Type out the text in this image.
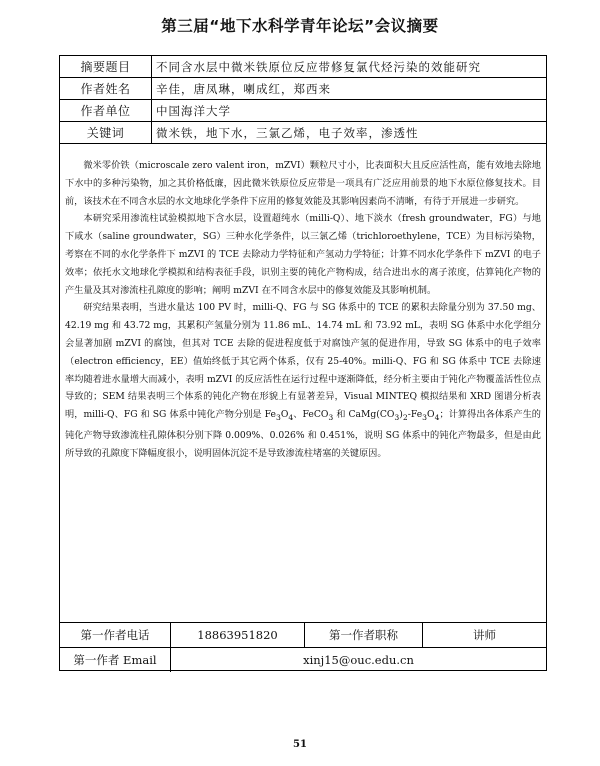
第三届“地下水科学青年论坛”会议摘要
摘要题目	不同含水层中微米铁原位反应带修复氯代烃污染的效能研究
作者姓名	辛佳，唐凤琳，喇成红，郑西来
作者单位	中国海洋大学
关键词	微米铁，地下水，三氯乙烯，电子效率，渗透性

微米零价铁（microscale zero valent iron，mZVI）颗粒尺寸小，比表面积大且反应活性高，能有效地去除地下水中的多种污染物，加之其价格低廉，因此微米铁原位反应带是一项具有广泛应用前景的地下水原位修复技术。目前，该技术在不同含水层的水文地球化学条件下应用的修复效能及其影响因素尚不清晰，有待于开展进一步研究。

本研究采用渗流柱试验模拟地下含水层，设置超纯水（milli-Q）、地下淡水（fresh groundwater，FG）与地下咸水（saline groundwater，SG）三种水化学条件，以三氯乙烯（trichloroethylene，TCE）为目标污染物，考察在不同的水化学条件下 mZVI 的 TCE 去除动力学特征和产氢动力学特征；计算不同水化学条件下 mZVI 的电子效率；依托水文地球化学模拟和结构表征手段，识别主要的钝化产物构成，结合进出水的离子浓度，估算钝化产物的产生量及其对渗流柱孔隙度的影响；阐明 mZVI 在不同含水层中的修复效能及其影响机制。

研究结果表明，当进水量达 100 PV 时，milli-Q、FG 与 SG 体系中的 TCE 的累积去除量分别为 37.50 mg、42.19 mg 和 43.72 mg，其累积产氢量分别为 11.86 mL、14.74 mL 和 73.92 mL，表明 SG 体系中水化学组分会显著加剧 mZVI 的腐蚀，但其对 TCE 去除的促进程度低于对腐蚀产氢的促进作用，导致 SG 体系中的电子效率（electron efficiency，EE）值始终低于其它两个体系，仅有 25-40%。milli-Q、FG 和 SG 体系中 TCE 去除速率均随着进水量增大而减小，表明 mZVI 的反应活性在运行过程中逐渐降低，经分析主要由于钝化产物覆盖活性位点导致的；SEM 结果表明三个体系的钝化产物在形貌上有显著差异，Visual MINTEQ 模拟结果和 XRD 图谱分析表明，milli-Q、FG 和 SG 体系中钝化产物分别是 $Fe_3O_4$、FeCO$_3$ 和 $CaMg(CO_3)_2-Fe_3O_4$；计算得出各体系产生的钝化产物导致渗流柱孔隙体积分别下降 0.009%、0.026% 和 0.451%，说明 SG 体系中的钝化产物最多，但是由此所导致的孔隙度下降幅度很小，说明固体沉淀不是导致渗流柱堵塞的关键原因。

第一作者电话	18863951820	第一作者职称	讲师
第一作者 Email	xinj15@ouc.edu.cn		
51
